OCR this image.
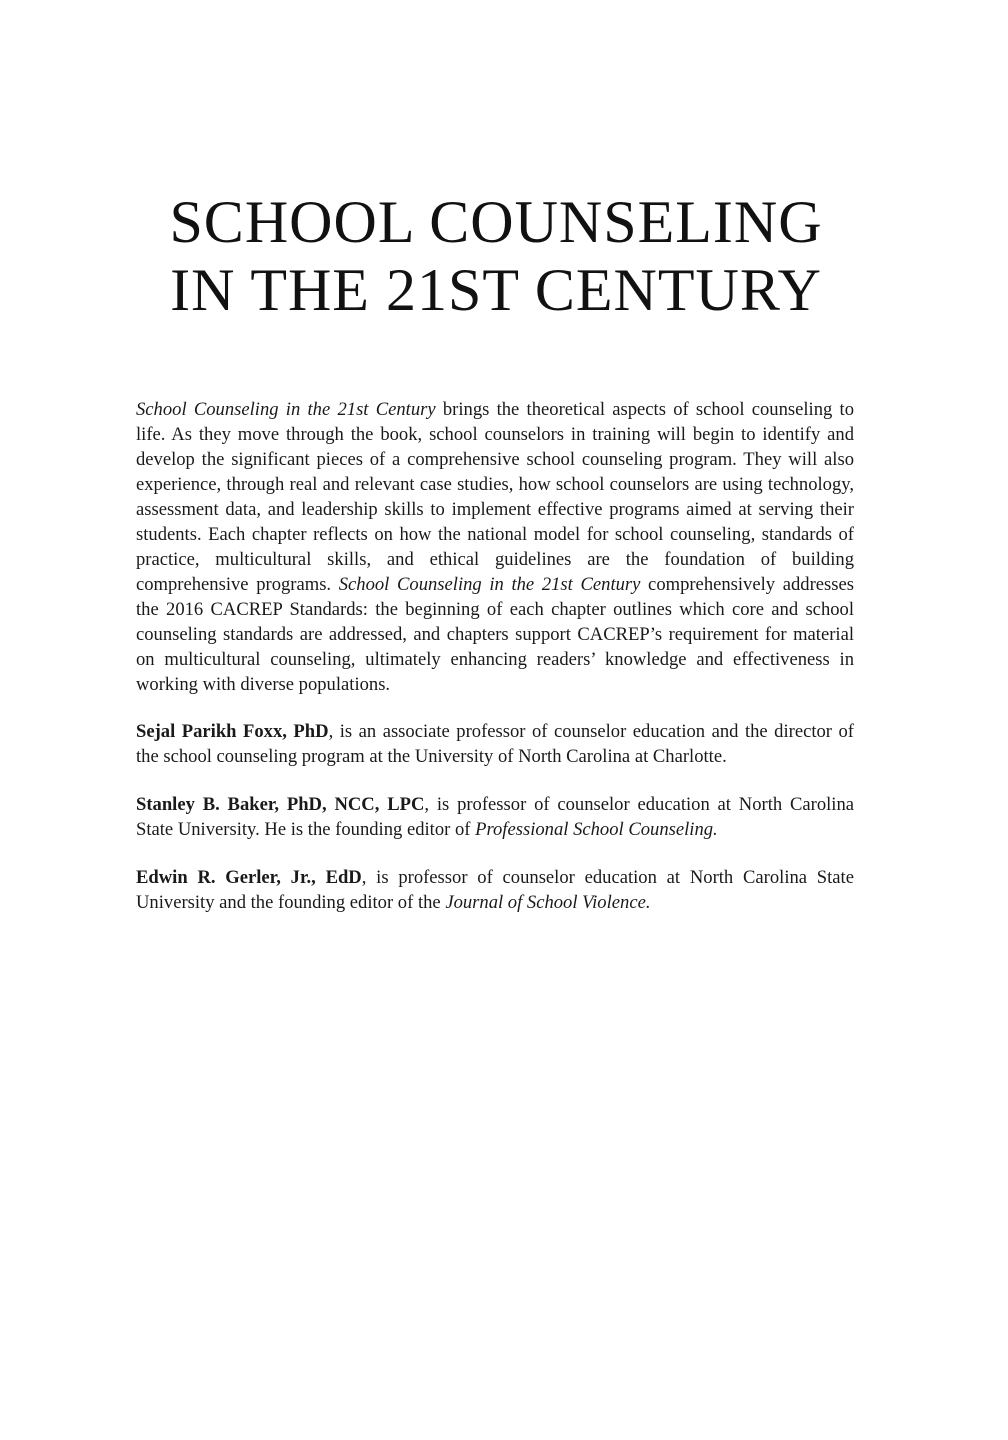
SCHOOL COUNSELING
IN THE 21ST CENTURY

School Counseling in the 21st Century brings the theoretical aspects of school counseling to life. As they move through the book, school counselors in training will begin to identify and develop the significant pieces of a comprehensive school counseling program. They will also experience, through real and relevant case studies, how school counselors are using technology, assessment data, and leadership skills to implement effective programs aimed at serving their students. Each chapter reflects on how the national model for school counseling, standards of practice, multicultural skills, and ethical guidelines are the foundation of building comprehensive programs. School Counseling in the 21st Century comprehensively addresses the 2016 CACREP Standards: the beginning of each chapter outlines which core and school counseling standards are addressed, and chapters support CACREP’s requirement for material on multicultural counseling, ultimately enhancing readers’ knowledge and effectiveness in working with diverse populations.

Sejal Parikh Foxx, PhD, is an associate professor of counselor education and the director of the school counseling program at the University of North Carolina at Charlotte.

Stanley B. Baker, PhD, NCC, LPC, is professor of counselor education at North Carolina State University. He is the founding editor of Professional School Counseling.

Edwin R. Gerler, Jr., EdD, is professor of counselor education at North Carolina State University and the founding editor of the Journal of School Violence.
